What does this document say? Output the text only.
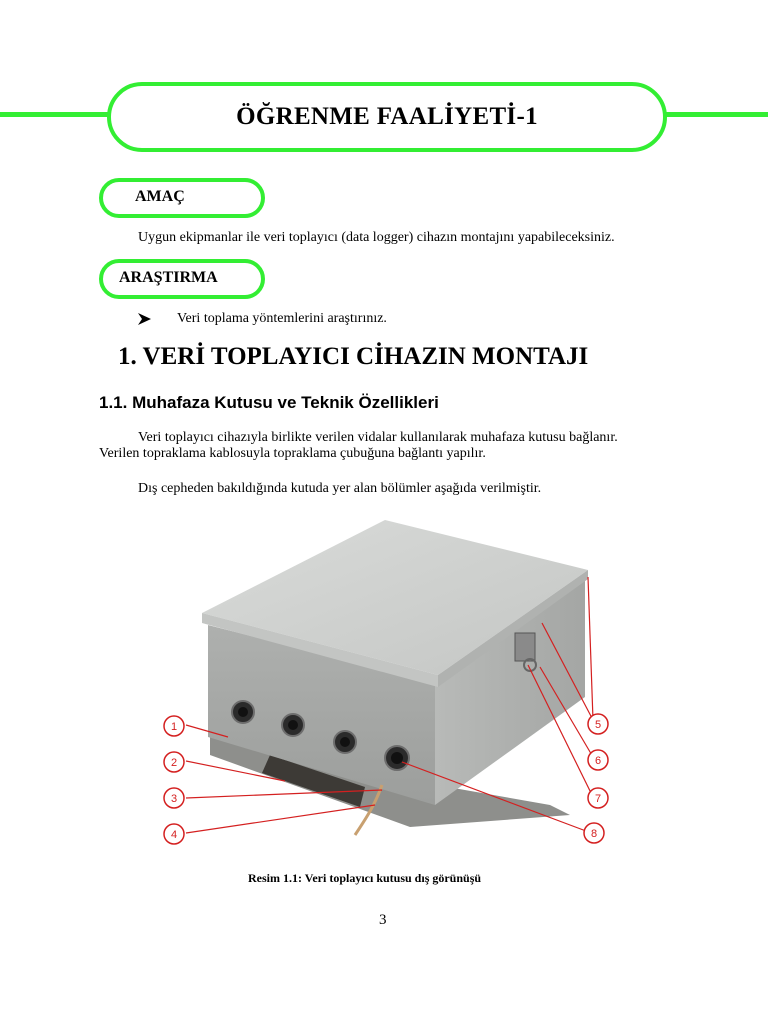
ÖĞRENME FAALİYETİ-1
AMAÇ
Uygun ekipmanlar ile veri toplayıcı (data logger) cihazın montajını yapabileceksiniz.
ARAŞTIRMA
Veri toplama yöntemlerini araştırınız.
1. VERİ TOPLAYICI CİHAZIN MONTAJI
1.1. Muhafaza Kutusu ve Teknik Özellikleri
Veri toplayıcı cihazıyla birlikte verilen vidalar kullanılarak muhafaza kutusu bağlanır.
Verilen topraklama kablosuyla topraklama çubuğuna bağlantı yapılır.
Dış cepheden bakıldığında kutuda yer alan bölümler aşağıda verilmiştir.
1
2
3
4
5
6
7
8
Resim 1.1: Veri toplayıcı kutusu dış görünüşü
3
